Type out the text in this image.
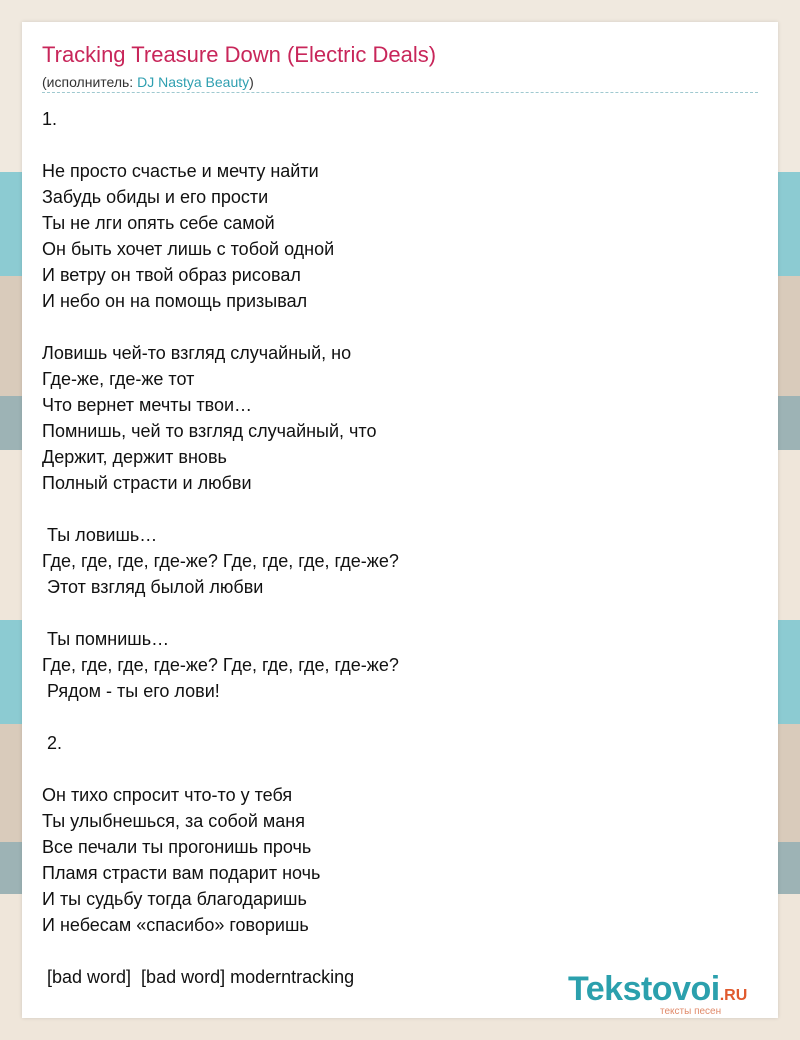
Tracking Treasure Down (Electric Deals)
(исполнитель: DJ Nastya Beauty)
1.
Не просто счастье и мечту найти
Забудь обиды и его прости
Ты не лги опять себе самой
Он быть хочет лишь с тобой одной
И ветру он твой образ рисовал
И небо он на помощь призывал
Ловишь чей-то взгляд случайный, но
Где-же, где-же тот
Что вернет мечты твои…
Помнишь, чей то взгляд случайный, что
Держит, держит вновь
Полный страсти и любви
Ты ловишь…
Где, где, где, где-же? Где, где, где, где-же?
Этот взгляд былой любви
Ты помнишь…
Где, где, где, где-же? Где, где, где, где-же?
Рядом - ты его лови!
2.
Он тихо спросит что-то у тебя
Ты улыбнешься, за собой маня
Все печали ты прогонишь прочь
Пламя страсти вам подарит ночь
И ты судьбу тогда благодаришь
И небесам «спасибо» говоришь
[bad word]  [bad word] moderntracking	Tekstovoi.RU
тексты песен
